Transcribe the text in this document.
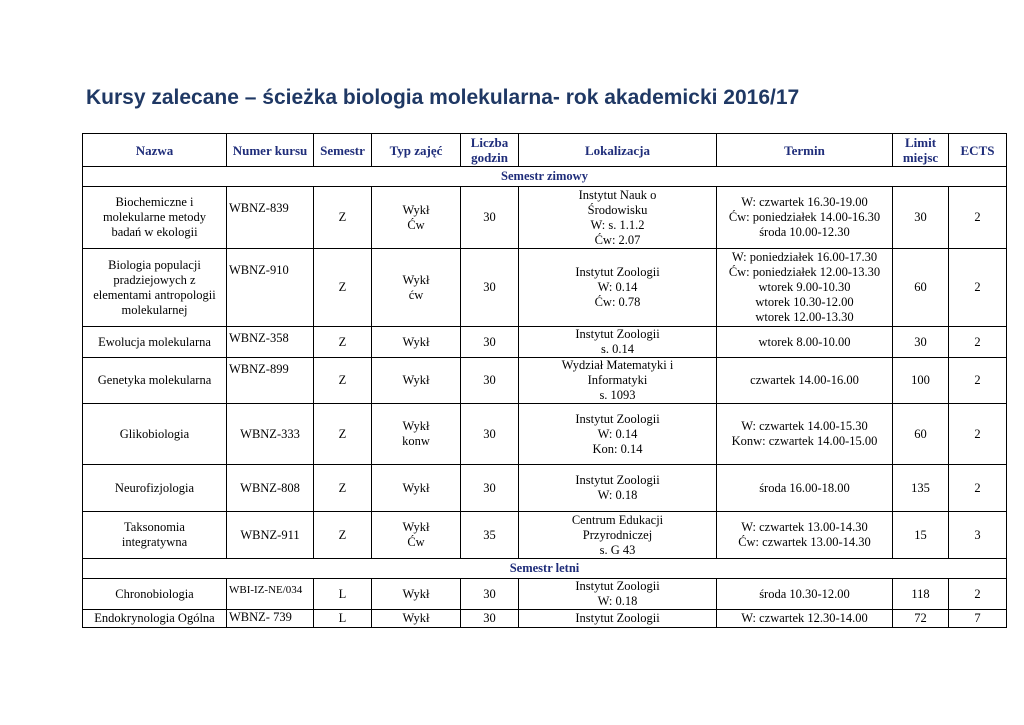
Kursy zalecane – ścieżka biologia molekularna- rok akademicki 2016/17
Nazwa	Numer kursu	Semestr	Typ zajęć	Liczba
godzin	Lokalizacja	Termin	Limit
miejsc	ECTS
Semestr zimowy								
Biochemiczne i
molekularne metody
badań w ekologii	WBNZ-839	Z	Wykł
Ćw	30	Instytut Nauk o
Środowisku
W: s. 1.1.2
Ćw: 2.07	W: czwartek 16.30-19.00
Ćw: poniedziałek 14.00-16.30
środa 10.00-12.30	30	2
Biologia populacji
pradziejowych z
elementami antropologii
molekularnej	WBNZ-910	Z	Wykł
ćw	30	Instytut Zoologii
W: 0.14
Ćw: 0.78	W: poniedziałek 16.00-17.30
Ćw: poniedziałek 12.00-13.30
wtorek 9.00-10.30
wtorek 10.30-12.00
wtorek 12.00-13.30	60	2
Ewolucja molekularna	WBNZ-358	Z	Wykł	30	Instytut Zoologii
s. 0.14	wtorek 8.00-10.00	30	2
Genetyka molekularna	WBNZ-899	Z	Wykł	30	Wydział Matematyki i
Informatyki
s. 1093	czwartek 14.00-16.00	100	2
Glikobiologia	WBNZ-333	Z	Wykł
konw	30	Instytut Zoologii
W: 0.14
Kon: 0.14	W: czwartek 14.00-15.30
Konw: czwartek 14.00-15.00	60	2
Neurofizjologia	WBNZ-808	Z	Wykł	30	Instytut Zoologii
W: 0.18	środa 16.00-18.00	135	2
Taksonomia
integratywna	WBNZ-911	Z	Wykł
Ćw	35	Centrum Edukacji
Przyrodniczej
s. G 43	W: czwartek 13.00-14.30
Ćw: czwartek 13.00-14.30	15	3
Semestr letni								
Chronobiologia	WBI-IZ-NE/034	L	Wykł	30	Instytut Zoologii
W: 0.18	środa 10.30-12.00	118	2
Endokrynologia Ogólna	WBNZ- 739	L	Wykł	30	Instytut Zoologii	W: czwartek 12.30-14.00	72	7
